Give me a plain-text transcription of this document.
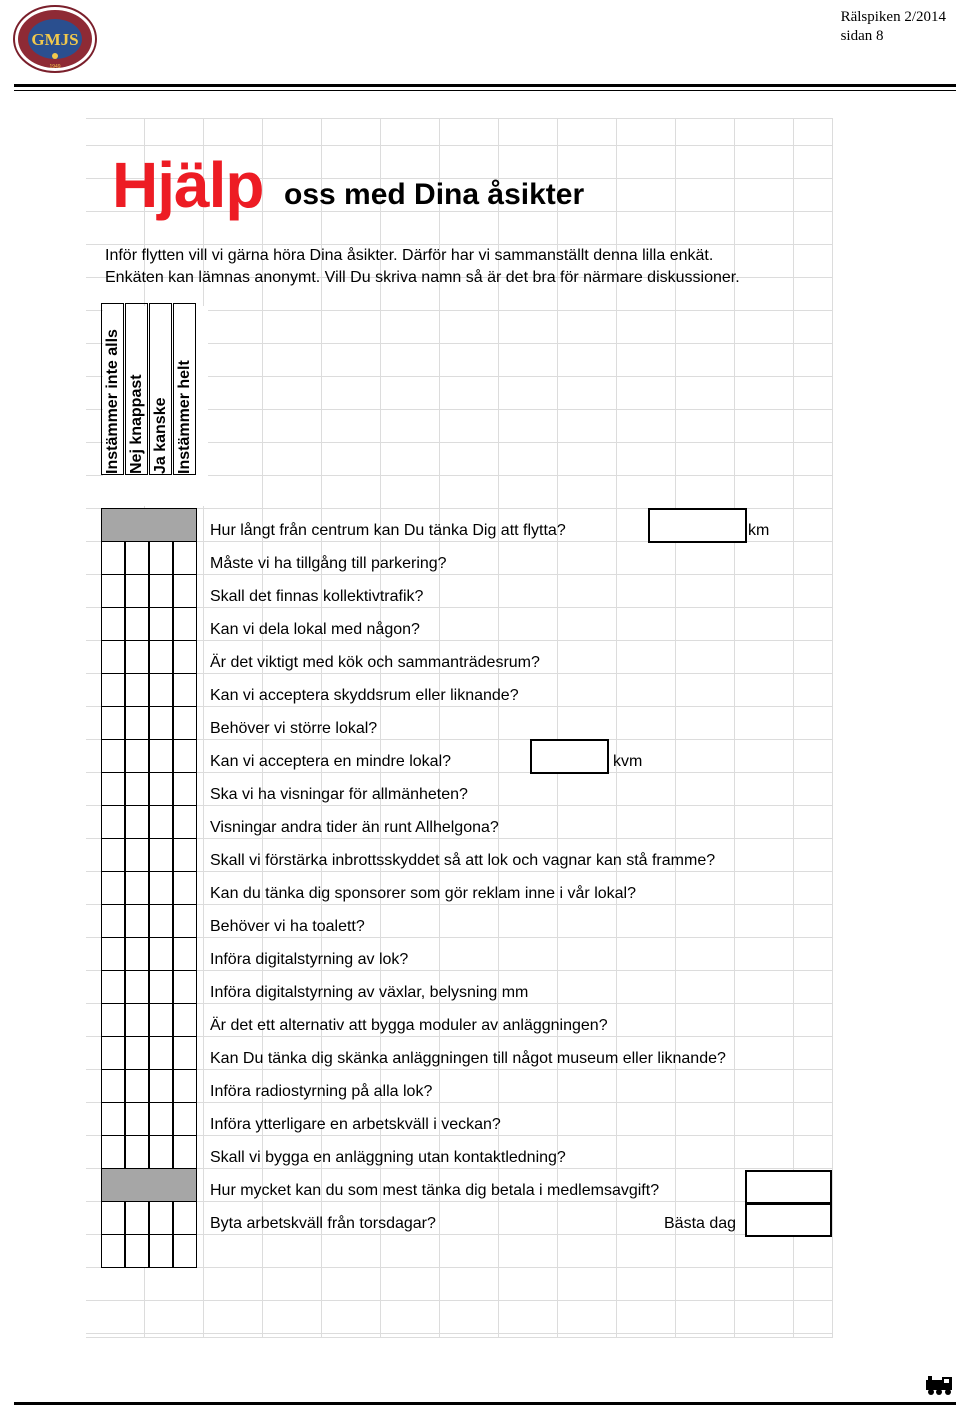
GMJS
1949
Rälspiken 2/2014
sidan 8
Hjälp oss med Dina åsikter
Inför flytten vill vi gärna höra Dina åsikter. Därför har vi sammanställt denna lilla enkät.
Enkäten kan lämnas anonymt. Vill Du skriva namn så är det bra för närmare diskussioner.
Instämmer inte alls Nej knappast Ja kanske Instämmer helt
Hur långt från centrum kan Du tänka Dig att flytta?
Måste vi ha tillgång till parkering?
Skall det finnas kollektivtrafik?
Kan vi dela lokal med någon?
Är det viktigt med kök och sammanträdesrum?
Kan vi acceptera skyddsrum eller liknande?
Behöver vi större lokal?
Kan vi acceptera en mindre lokal?
Ska vi ha visningar för allmänheten?
Visningar andra tider än runt Allhelgona?
Skall vi förstärka inbrottsskyddet så att lok och vagnar kan stå framme?
Kan du tänka dig sponsorer som gör reklam inne i vår lokal?
Behöver vi ha toalett?
Införa digitalstyrning av lok?
Införa digitalstyrning av växlar, belysning mm
Är det ett alternativ att bygga moduler av anläggningen?
Kan Du tänka dig skänka anläggningen till något museum eller liknande?
Införa radiostyrning på alla lok?
Införa ytterligare en arbetskväll i veckan?
Skall vi bygga en anläggning utan kontaktledning?
Hur mycket kan du som mest tänka dig betala i medlemsavgift?
Byta arbetskväll från torsdagar?
km
kvm
Bästa dag
